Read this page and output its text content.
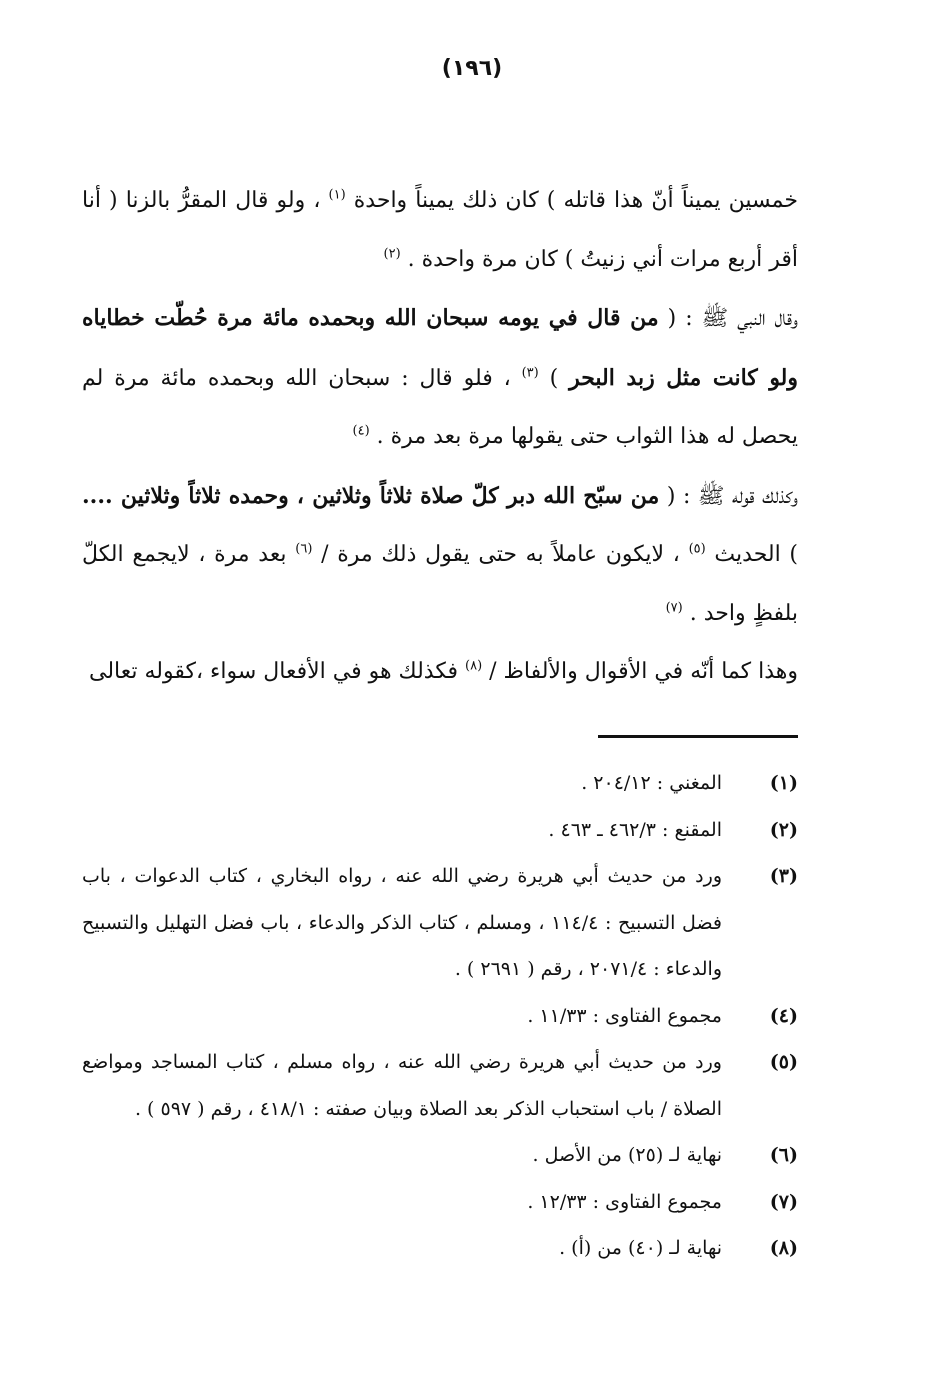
(١٩٦)

خمسين يميناً أنّ هذا قاتله ) كان ذلك يميناً واحدة $^{(١)}$ ، ولو قال المقرُّ بالزنا ( أنا أقر أربع مرات أني زنيتُ ) كان مرة واحدة . $^{(٢)}$

وقال النبي ﷺ : ( من قال في يومه سبحان الله وبحمده مائة مرة حُطّت خطاياه ولو كانت مثل زبد البحر ) $^{(٣)}$ ، فلو قال : سبحان الله وبحمده مائة مرة لم يحصل له هذا الثواب حتى يقولها مرة بعد مرة . $^{(٤)}$

وكذلك قوله ﷺ : ( من سبّح الله دبر كلّ صلاة ثلاثاً وثلاثين ، وحمده ثلاثاً وثلاثين .... ) الحديث $^{(٥)}$ ، لايكون عاملاً به حتى يقول ذلك مرة / $^{(٦)}$ بعد مرة ، لايجمع الكلّ بلفظٍ واحد . $^{(٧)}$

وهذا كما أنّه في الأقوال والألفاظ / $^{(٨)}$ فكذلك هو في الأفعال سواء ،كقوله تعالى

(١)
المغني : ٢٠٤/١٢ .
(٢)
المقنع : ٤٦٢/٣ ـ ٤٦٣ .
(٣)
ورد من حديث أبي هريرة رضي الله عنه ، رواه البخاري ، كتاب الدعوات ، باب فضل التسبيح : ١١٤/٤ ، ومسلم ، كتاب الذكر والدعاء ، باب فضل التهليل والتسبيح والدعاء : ٢٠٧١/٤ ، رقم ( ٢٦٩١ ) .
(٤)
مجموع الفتاوى : ١١/٣٣ .
(٥)
ورد من حديث أبي هريرة رضي الله عنه ، رواه مسلم ، كتاب المساجد ومواضع الصلاة / باب استحباب الذكر بعد الصلاة وبيان صفته : ٤١٨/١ ، رقم ( ٥٩٧ ) .
(٦)
نهاية لـ (٢٥) من الأصل .
(٧)
مجموع الفتاوى : ١٢/٣٣ .
(٨)
نهاية لـ (٤٠) من (أ) .
